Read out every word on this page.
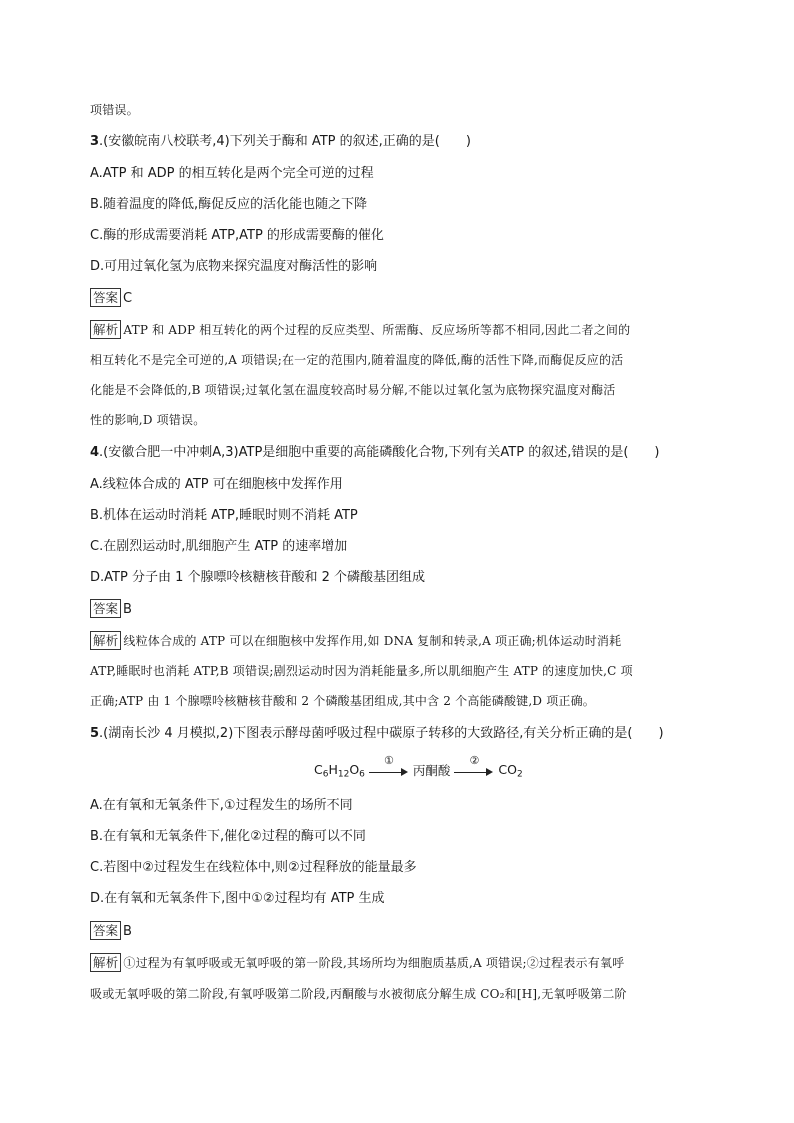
项错误。
3.(安徽皖南八校联考,4)下列关于酶和 ATP 的叙述,正确的是(　　)
A.ATP 和 ADP 的相互转化是两个完全可逆的过程
B.随着温度的降低,酶促反应的活化能也随之下降
C.酶的形成需要消耗 ATP,ATP 的形成需要酶的催化
D.可用过氧化氢为底物来探究温度对酶活性的影响
答案 C
解析 ATP 和 ADP 相互转化的两个过程的反应类型、所需酶、反应场所等都不相同,因此二者之间的
相互转化不是完全可逆的,A 项错误;在一定的范围内,随着温度的降低,酶的活性下降,而酶促反应的活
化能是不会降低的,B 项错误;过氧化氢在温度较高时易分解,不能以过氧化氢为底物探究温度对酶活
性的影响,D 项错误。
4.(安徽合肥一中冲刺A,3)ATP是细胞中重要的高能磷酸化合物,下列有关ATP 的叙述,错误的是(　　)
A.线粒体合成的 ATP 可在细胞核中发挥作用
B.机体在运动时消耗 ATP,睡眠时则不消耗 ATP
C.在剧烈运动时,肌细胞产生 ATP 的速率增加
D.ATP 分子由 1 个腺嘌呤核糖核苷酸和 2 个磷酸基团组成
答案 B
解析 线粒体合成的 ATP 可以在细胞核中发挥作用,如 DNA 复制和转录,A 项正确;机体运动时消耗
ATP,睡眠时也消耗 ATP,B 项错误;剧烈运动时因为消耗能量多,所以肌细胞产生 ATP 的速度加快,C 项
正确;ATP 由 1 个腺嘌呤核糖核苷酸和 2 个磷酸基团组成,其中含 2 个高能磷酸键,D 项正确。
5.(湖南长沙 4 月模拟,2)下图表示酵母菌呼吸过程中碳原子转移的大致路径,有关分析正确的是(　　)
$C_6H_{12}O_6$
①
丙酮酸
②
$CO_2$
A.在有氧和无氧条件下,①过程发生的场所不同
B.在有氧和无氧条件下,催化②过程的酶可以不同
C.若图中②过程发生在线粒体中,则②过程释放的能量最多
D.在有氧和无氧条件下,图中①②过程均有 ATP 生成
答案 B
解析 ①过程为有氧呼吸或无氧呼吸的第一阶段,其场所均为细胞质基质,A 项错误;②过程表示有氧呼
吸或无氧呼吸的第二阶段,有氧呼吸第二阶段,丙酮酸与水被彻底分解生成 CO₂和[H],无氧呼吸第二阶
